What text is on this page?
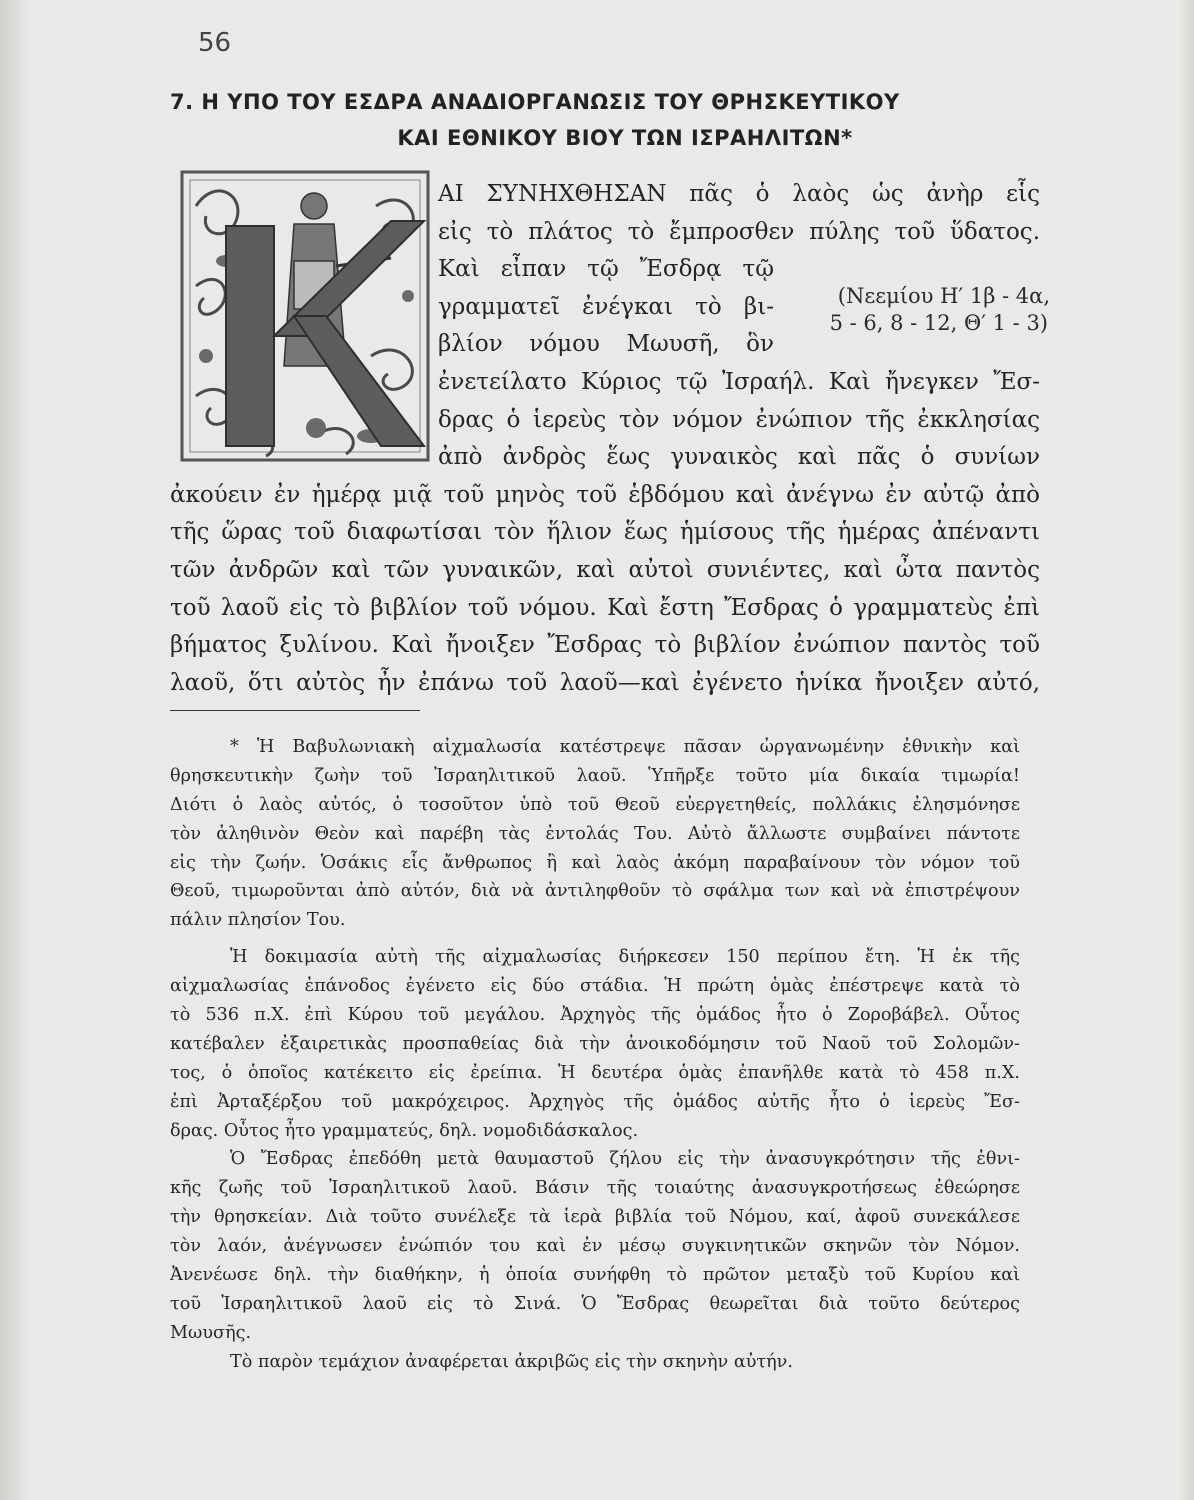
56
7. Η ΥΠΟ ΤΟΥ ΕΣΔΡΑ ΑΝΑΔΙΟΡΓΑΝΩΣΙΣ ΤΟΥ ΘΡΗΣΚΕΥΤΙΚΟΥ
ΚΑΙ ΕΘΝΙΚΟΥ ΒΙΟΥ ΤΩΝ ΙΣΡΑΗΛΙΤΩΝ*
ΑΙ ΣΥΝΗΧΘΗΣΑΝ πᾶς ὁ λαὸς ὡς ἀνὴρ εἷς
εἰς τὸ πλάτος τὸ ἔμπροσθεν πύλης τοῦ ὕδατος.
Καὶ εἶπαν τῷ Ἔσδρᾳ τῷ
γραμματεῖ ἐνέγκαι τὸ βι-
βλίον νόμου Μωυσῆ, ὃν
ἐνετείλατο Κύριος τῷ Ἰσραήλ. Καὶ ἤνεγκεν Ἔσ-
δρας ὁ ἱερεὺς τὸν νόμον ἐνώπιον τῆς ἐκκλησίας
ἀπὸ ἀνδρὸς ἕως γυναικὸς καὶ πᾶς ὁ συνίων
ἀκούειν ἐν ἡμέρᾳ μιᾷ τοῦ μηνὸς τοῦ ἑβδόμου καὶ ἀνέγνω ἐν αὐτῷ ἀπὸ
τῆς ὥρας τοῦ διαφωτίσαι τὸν ἥλιον ἕως ἡμίσους τῆς ἡμέρας ἀπέναντι
τῶν ἀνδρῶν καὶ τῶν γυναικῶν, καὶ αὐτοὶ συνιέντες, καὶ ὦτα παντὸς
τοῦ λαοῦ εἰς τὸ βιβλίον τοῦ νόμου. Καὶ ἔστη Ἔσδρας ὁ γραμματεὺς ἐπὶ
βήματος ξυλίνου. Καὶ ἤνοιξεν Ἔσδρας τὸ βιβλίον ἐνώπιον παντὸς τοῦ
λαοῦ, ὅτι αὐτὸς ἦν ἐπάνω τοῦ λαοῦ—καὶ ἐγένετο ἡνίκα ἤνοιξεν αὐτό,
(Νεεμίου Η′ 1β - 4α,
5 - 6, 8 - 12, Θ′ 1 - 3)
* Ἡ Βαβυλωνιακὴ αἰχμαλωσία κατέστρεψε πᾶσαν ὠργανωμένην ἐθνικὴν καὶ
θρησκευτικὴν ζωὴν τοῦ Ἰσραηλιτικοῦ λαοῦ. Ὑπῆρξε τοῦτο μία δικαία τιμωρία!
Διότι ὁ λαὸς αὐτός, ὁ τοσοῦτον ὑπὸ τοῦ Θεοῦ εὐεργετηθείς, πολλάκις ἐλησμόνησε
τὸν ἀληθινὸν Θεὸν καὶ παρέβη τὰς ἐντολάς Του. Αὐτὸ ἄλλωστε συμβαίνει πάντοτε
εἰς τὴν ζωήν. Ὁσάκις εἷς ἄνθρωπος ἢ καὶ λαὸς ἀκόμη παραβαίνουν τὸν νόμον τοῦ
Θεοῦ, τιμωροῦνται ἀπὸ αὐτόν, διὰ νὰ ἀντιληφθοῦν τὸ σφάλμα των καὶ νὰ ἐπιστρέψουν
πάλιν πλησίον Του.
Ἡ δοκιμασία αὐτὴ τῆς αἰχμαλωσίας διήρκεσεν 150 περίπου ἔτη. Ἡ ἐκ τῆς
αἰχμαλωσίας ἐπάνοδος ἐγένετο εἰς δύο στάδια. Ἡ πρώτη ὁμὰς ἐπέστρεψε κατὰ τὸ
τὸ 536 π.Χ. ἐπὶ Κύρου τοῦ μεγάλου. Ἀρχηγὸς τῆς ὁμάδος ἦτο ὁ Ζοροβάβελ. Οὗτος
κατέβαλεν ἐξαιρετικὰς προσπαθείας διὰ τὴν ἀνοικοδόμησιν τοῦ Ναοῦ τοῦ Σολομῶν-
τος, ὁ ὁποῖος κατέκειτο εἰς ἐρείπια. Ἡ δευτέρα ὁμὰς ἐπανῆλθε κατὰ τὸ 458 π.Χ.
ἐπὶ Ἀρταξέρξου τοῦ μακρόχειρος. Ἀρχηγὸς τῆς ὁμάδος αὐτῆς ἦτο ὁ ἱερεὺς Ἔσ-
δρας. Οὗτος ἦτο γραμματεύς, δηλ. νομοδιδάσκαλος.
Ὁ Ἔσδρας ἐπεδόθη μετὰ θαυμαστοῦ ζήλου εἰς τὴν ἀνασυγκρότησιν τῆς ἐθνι-
κῆς ζωῆς τοῦ Ἰσραηλιτικοῦ λαοῦ. Βάσιν τῆς τοιαύτης ἀνασυγκροτήσεως ἐθεώρησε
τὴν θρησκείαν. Διὰ τοῦτο συνέλεξε τὰ ἱερὰ βιβλία τοῦ Νόμου, καί, ἀφοῦ συνεκάλεσε
τὸν λαόν, ἀνέγνωσεν ἐνώπιόν του καὶ ἐν μέσῳ συγκινητικῶν σκηνῶν τὸν Νόμον.
Ἀνενέωσε δηλ. τὴν διαθήκην, ἡ ὁποία συνήφθη τὸ πρῶτον μεταξὺ τοῦ Κυρίου καὶ
τοῦ Ἰσραηλιτικοῦ λαοῦ εἰς τὸ Σινά. Ὁ Ἔσδρας θεωρεῖται διὰ τοῦτο δεύτερος
Μωυσῆς.
Τὸ παρὸν τεμάχιον ἀναφέρεται ἀκριβῶς εἰς τὴν σκηνὴν αὐτήν.
